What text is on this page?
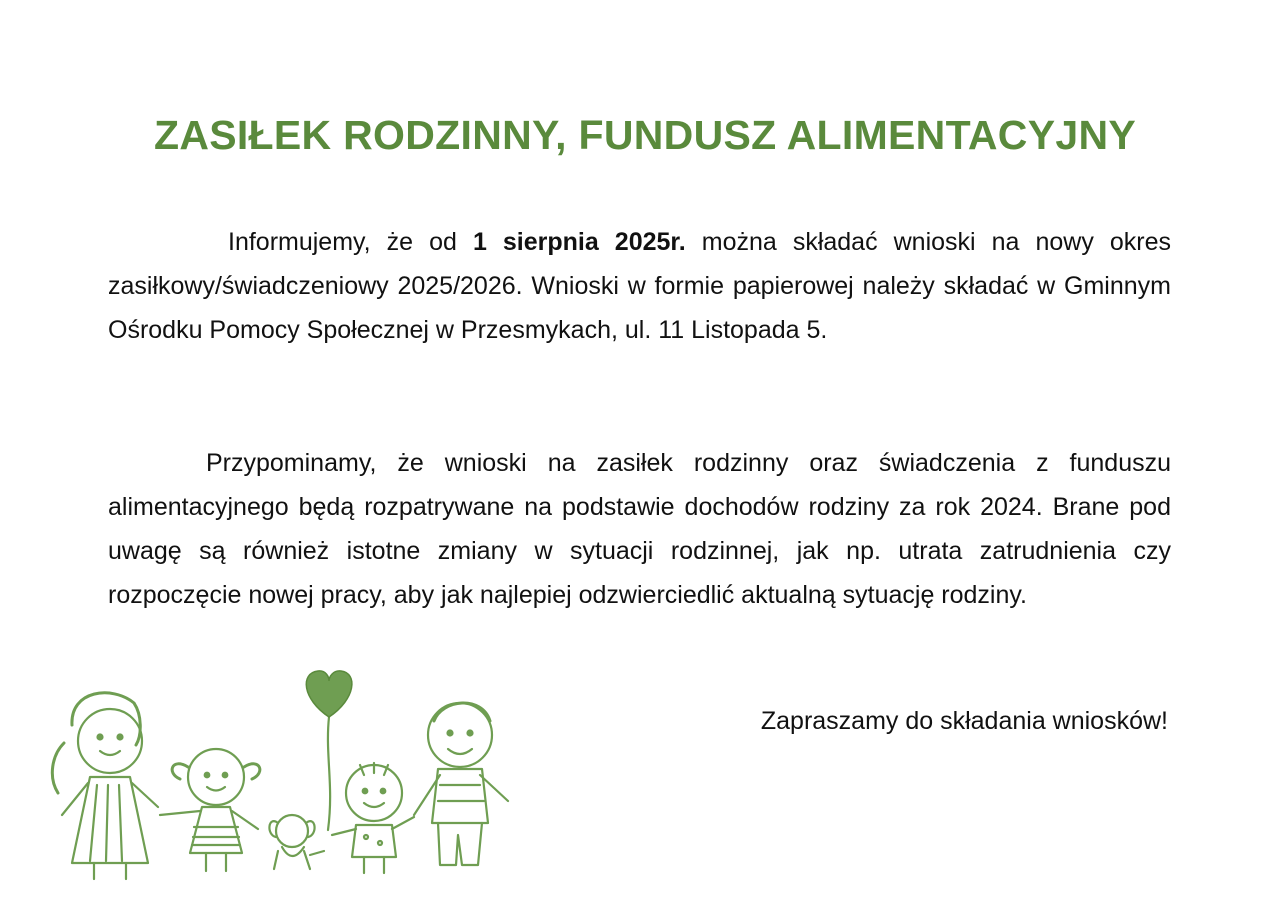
ZASIŁEK RODZINNY, FUNDUSZ ALIMENTACYJNY

Informujemy, że od 1 sierpnia 2025r. można składać wnioski na nowy okres zasiłkowy/świadczeniowy 2025/2026. Wnioski w formie papierowej należy składać w Gminnym Ośrodku Pomocy Społecznej w Przesmykach, ul. 11 Listopada 5.

Przypominamy, że wnioski na zasiłek rodzinny oraz świadczenia z funduszu alimentacyjnego będą rozpatrywane na podstawie dochodów rodziny za rok 2024. Brane pod uwagę są również istotne zmiany w sytuacji rodzinnej, jak np. utrata zatrudnienia czy rozpoczęcie nowej pracy, aby jak najlepiej odzwierciedlić aktualną sytuację rodziny.

Zapraszamy do składania wniosków!
